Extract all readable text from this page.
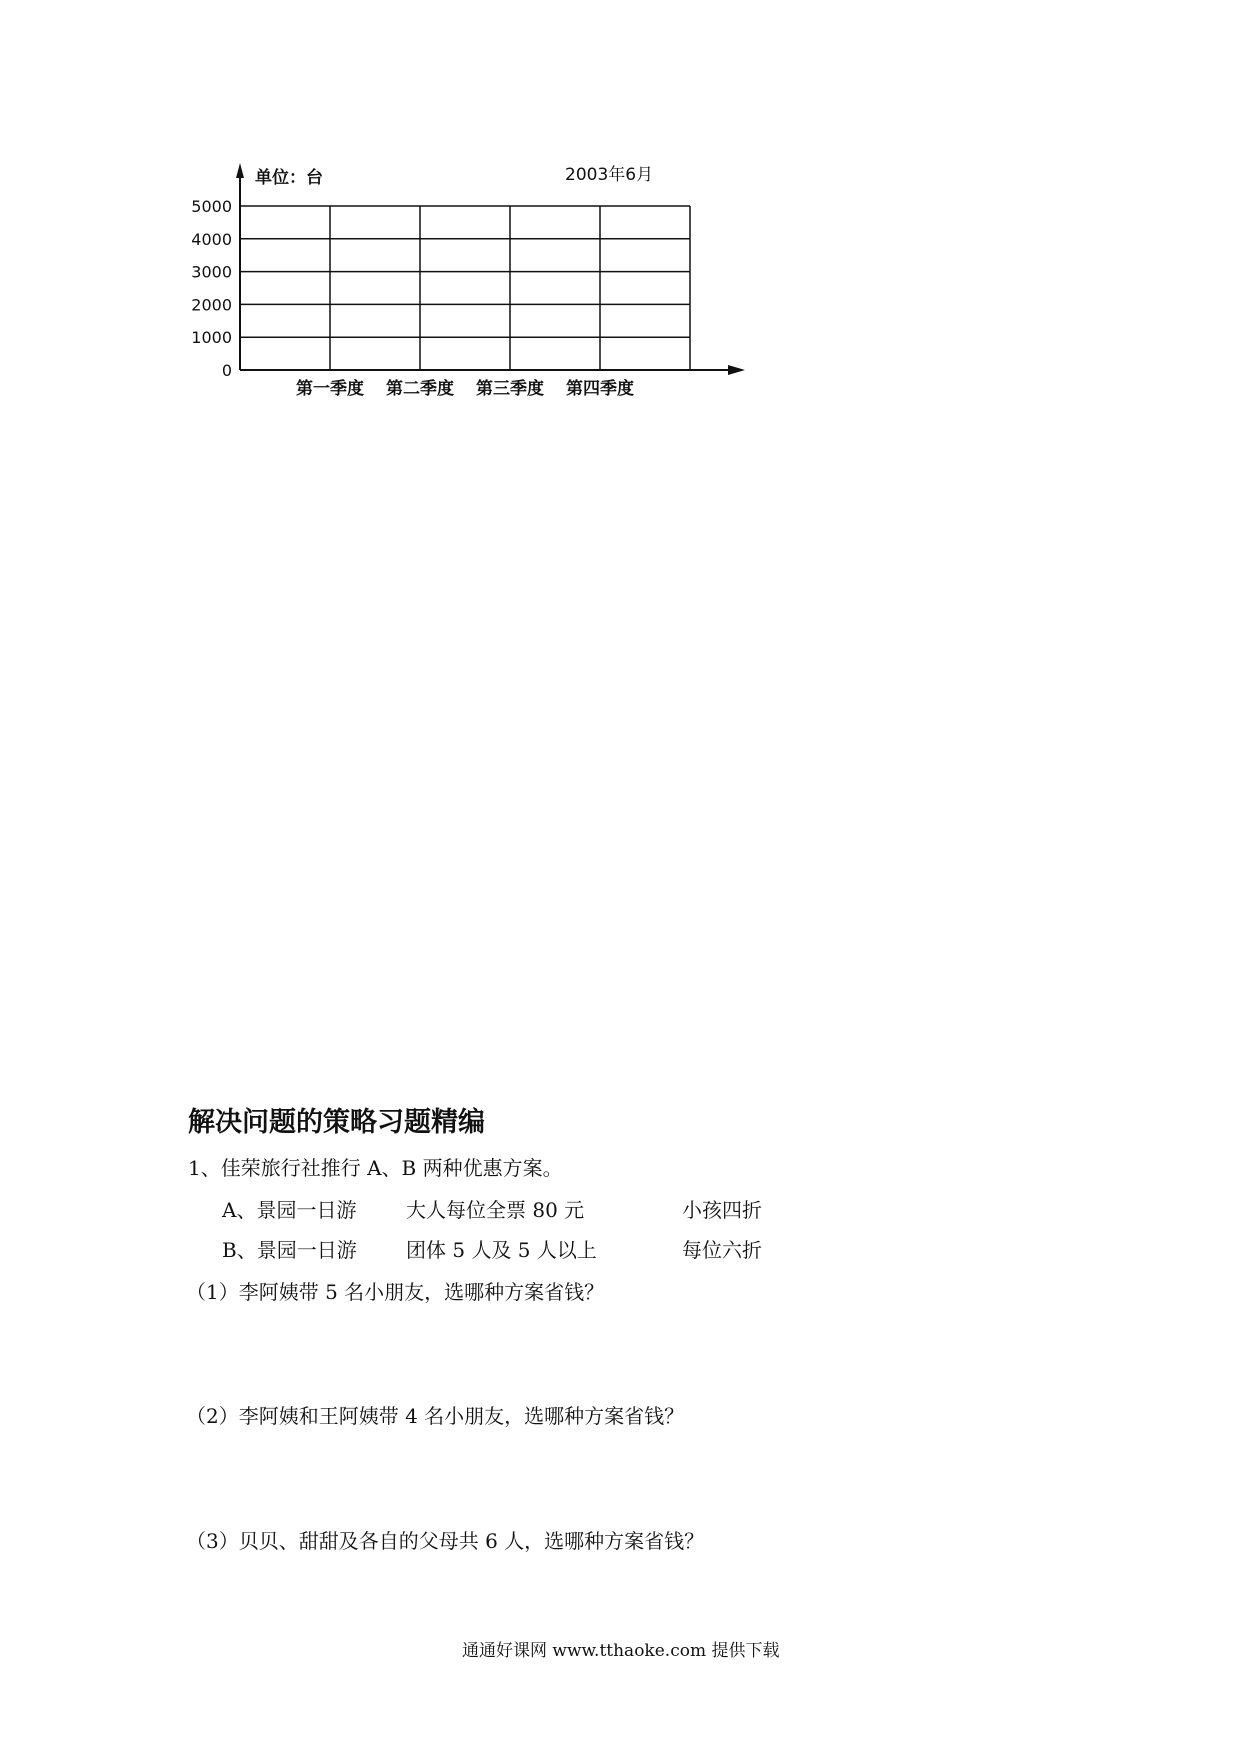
0
1000
2000
3000
4000
5000
第一季度 第二季度 第三季度 第四季度
单位：台	2003年6月
解决问题的策略习题精编
1、佳荣旅行社推行 A、B 两种优惠方案。
A、景园一日游 大人每位全票 80 元	小孩四折
B、景园一日游 团体 5 人及 5 人以上	每位六折
（1）李阿姨带 5 名小朋友，选哪种方案省钱？
（2）李阿姨和王阿姨带 4 名小朋友，选哪种方案省钱？
（3）贝贝、甜甜及各自的父母共 6 人，选哪种方案省钱？
通通好课网 www.tthaoke.com 提供下载
